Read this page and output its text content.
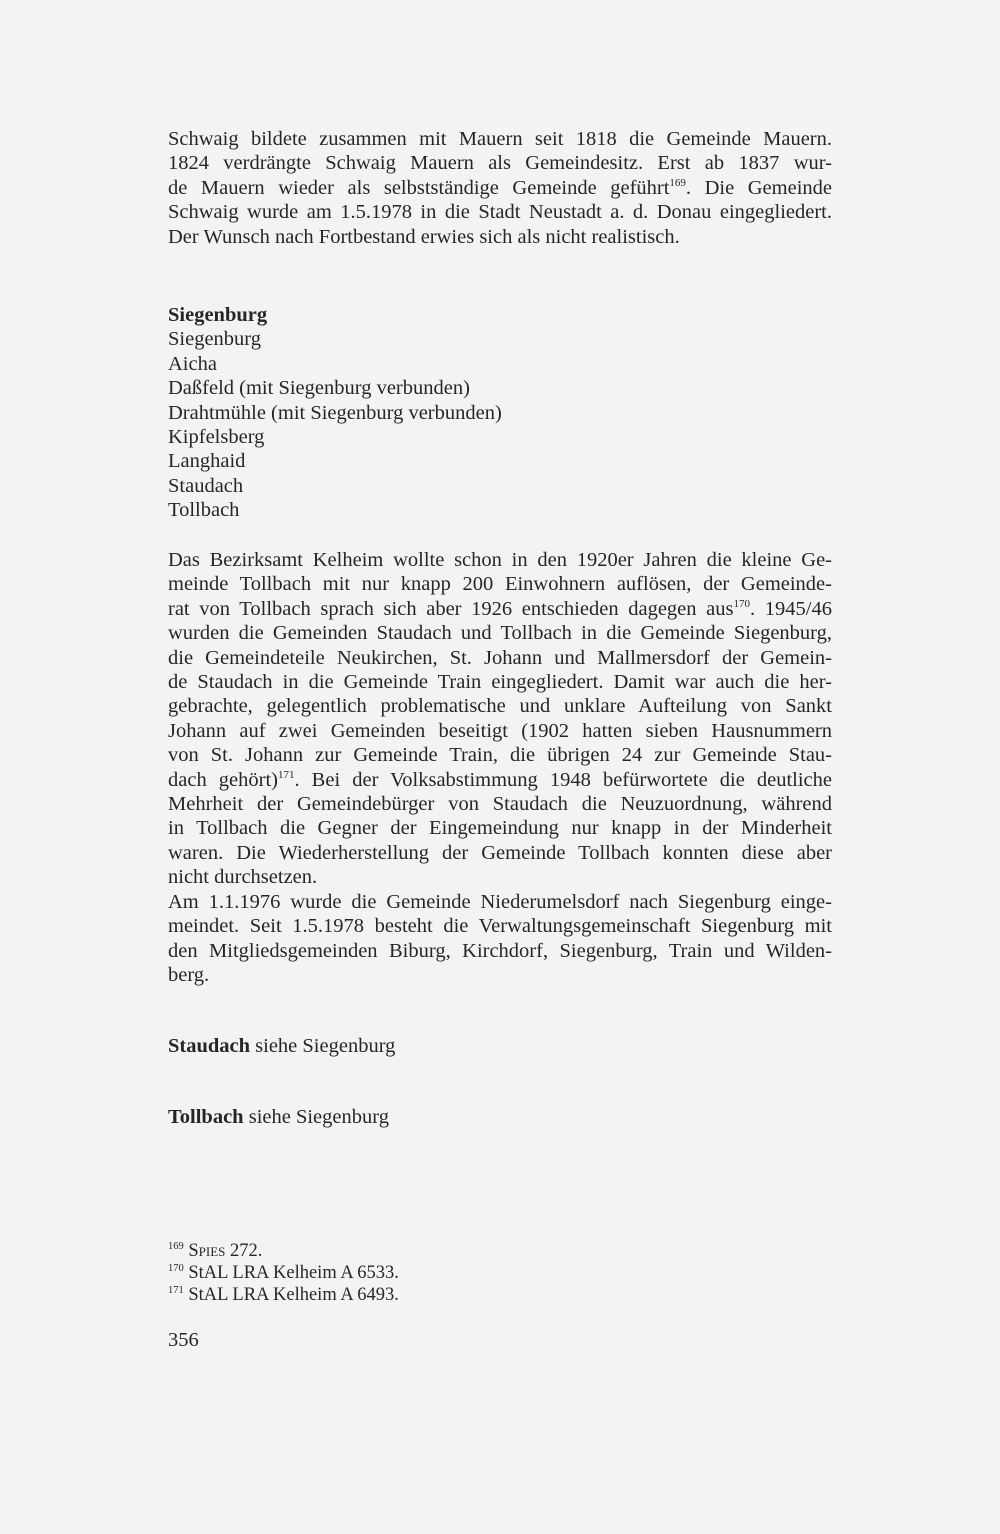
Schwaig bildete zusammen mit Mauern seit 1818 die Gemeinde Mauern.
1824 verdrängte Schwaig Mauern als Gemeindesitz. Erst ab 1837 wur-
de Mauern wieder als selbstständige Gemeinde geführt$^{169}$. Die Gemeinde
Schwaig wurde am 1.5.1978 in die Stadt Neustadt a. d. Donau eingegliedert.
Der Wunsch nach Fortbestand erwies sich als nicht realistisch.
Siegenburg
Siegenburg
Aicha
Daßfeld (mit Siegenburg verbunden)
Drahtmühle (mit Siegenburg verbunden)
Kipfelsberg
Langhaid
Staudach
Tollbach
Das Bezirksamt Kelheim wollte schon in den 1920er Jahren die kleine Ge-
meinde Tollbach mit nur knapp 200 Einwohnern auflösen, der Gemeinde-
rat von Tollbach sprach sich aber 1926 entschieden dagegen aus$^{170}$. 1945/46
wurden die Gemeinden Staudach und Tollbach in die Gemeinde Siegenburg,
die Gemeindeteile Neukirchen, St. Johann und Mallmersdorf der Gemein-
de Staudach in die Gemeinde Train eingegliedert. Damit war auch die her-
gebrachte, gelegentlich problematische und unklare Aufteilung von Sankt
Johann auf zwei Gemeinden beseitigt (1902 hatten sieben Hausnummern
von St. Johann zur Gemeinde Train, die übrigen 24 zur Gemeinde Stau-
dach gehört)$^{171}$. Bei der Volksabstimmung 1948 befürwortete die deutliche
Mehrheit der Gemeindebürger von Staudach die Neuzuordnung, während
in Tollbach die Gegner der Eingemeindung nur knapp in der Minderheit
waren. Die Wiederherstellung der Gemeinde Tollbach konnten diese aber
nicht durchsetzen.
Am 1.1.1976 wurde die Gemeinde Niederumelsdorf nach Siegenburg einge-
meindet. Seit 1.5.1978 besteht die Verwaltungsgemeinschaft Siegenburg mit
den Mitgliedsgemeinden Biburg, Kirchdorf, Siegenburg, Train und Wilden-
berg.
Staudach siehe Siegenburg
Tollbach siehe Siegenburg
$^{169}$ Spies 272.
$^{170}$ StAL LRA Kelheim A 6533.
$^{171}$ StAL LRA Kelheim A 6493.
356
